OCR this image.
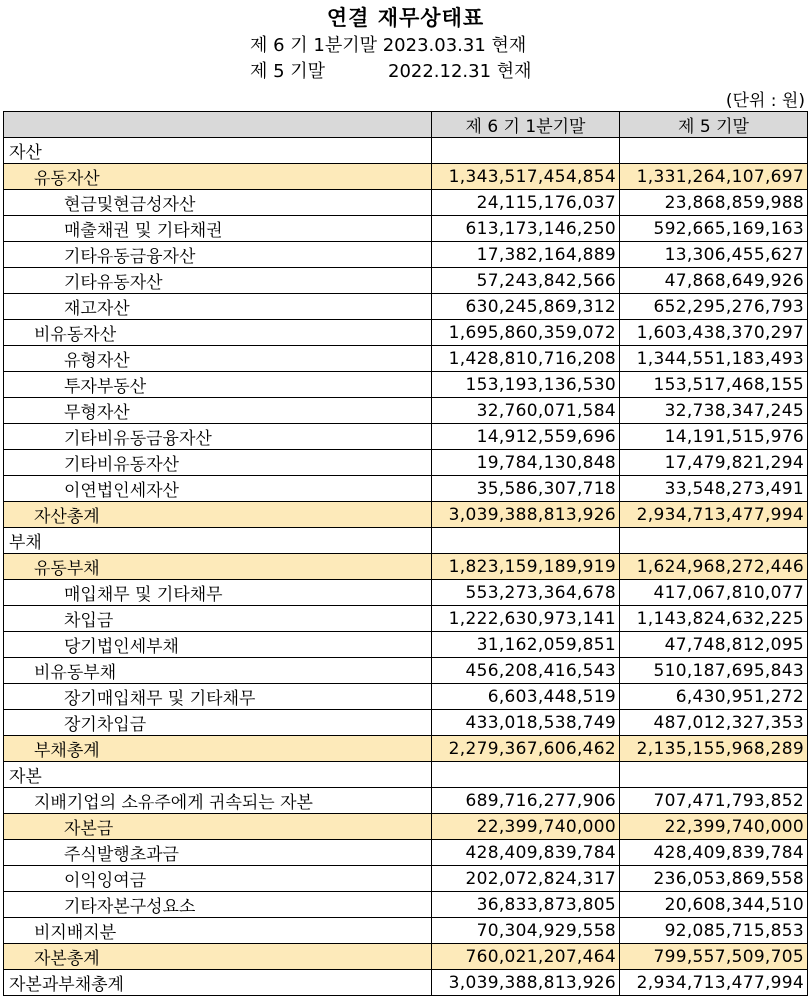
연결 재무상태표
제 6 기 1분기말 2023.03.31 현재
제 5 기말           2022.12.31 현재
(단위 : 원)
	제 6 기 1분기말	제 5 기말
자산		
유동자산	1,343,517,454,854	1,331,264,107,697
현금및현금성자산	24,115,176,037	23,868,859,988
매출채권 및 기타채권	613,173,146,250	592,665,169,163
기타유동금융자산	17,382,164,889	13,306,455,627
기타유동자산	57,243,842,566	47,868,649,926
재고자산	630,245,869,312	652,295,276,793
비유동자산	1,695,860,359,072	1,603,438,370,297
유형자산	1,428,810,716,208	1,344,551,183,493
투자부동산	153,193,136,530	153,517,468,155
무형자산	32,760,071,584	32,738,347,245
기타비유동금융자산	14,912,559,696	14,191,515,976
기타비유동자산	19,784,130,848	17,479,821,294
이연법인세자산	35,586,307,718	33,548,273,491
자산총계	3,039,388,813,926	2,934,713,477,994
부채		
유동부채	1,823,159,189,919	1,624,968,272,446
매입채무 및 기타채무	553,273,364,678	417,067,810,077
차입금	1,222,630,973,141	1,143,824,632,225
당기법인세부채	31,162,059,851	47,748,812,095
비유동부채	456,208,416,543	510,187,695,843
장기매입채무 및 기타채무	6,603,448,519	6,430,951,272
장기차입금	433,018,538,749	487,012,327,353
부채총계	2,279,367,606,462	2,135,155,968,289
자본		
지배기업의 소유주에게 귀속되는 자본	689,716,277,906	707,471,793,852
자본금	22,399,740,000	22,399,740,000
주식발행초과금	428,409,839,784	428,409,839,784
이익잉여금	202,072,824,317	236,053,869,558
기타자본구성요소	36,833,873,805	20,608,344,510
비지배지분	70,304,929,558	92,085,715,853
자본총계	760,021,207,464	799,557,509,705
자본과부채총계	3,039,388,813,926	2,934,713,477,994
